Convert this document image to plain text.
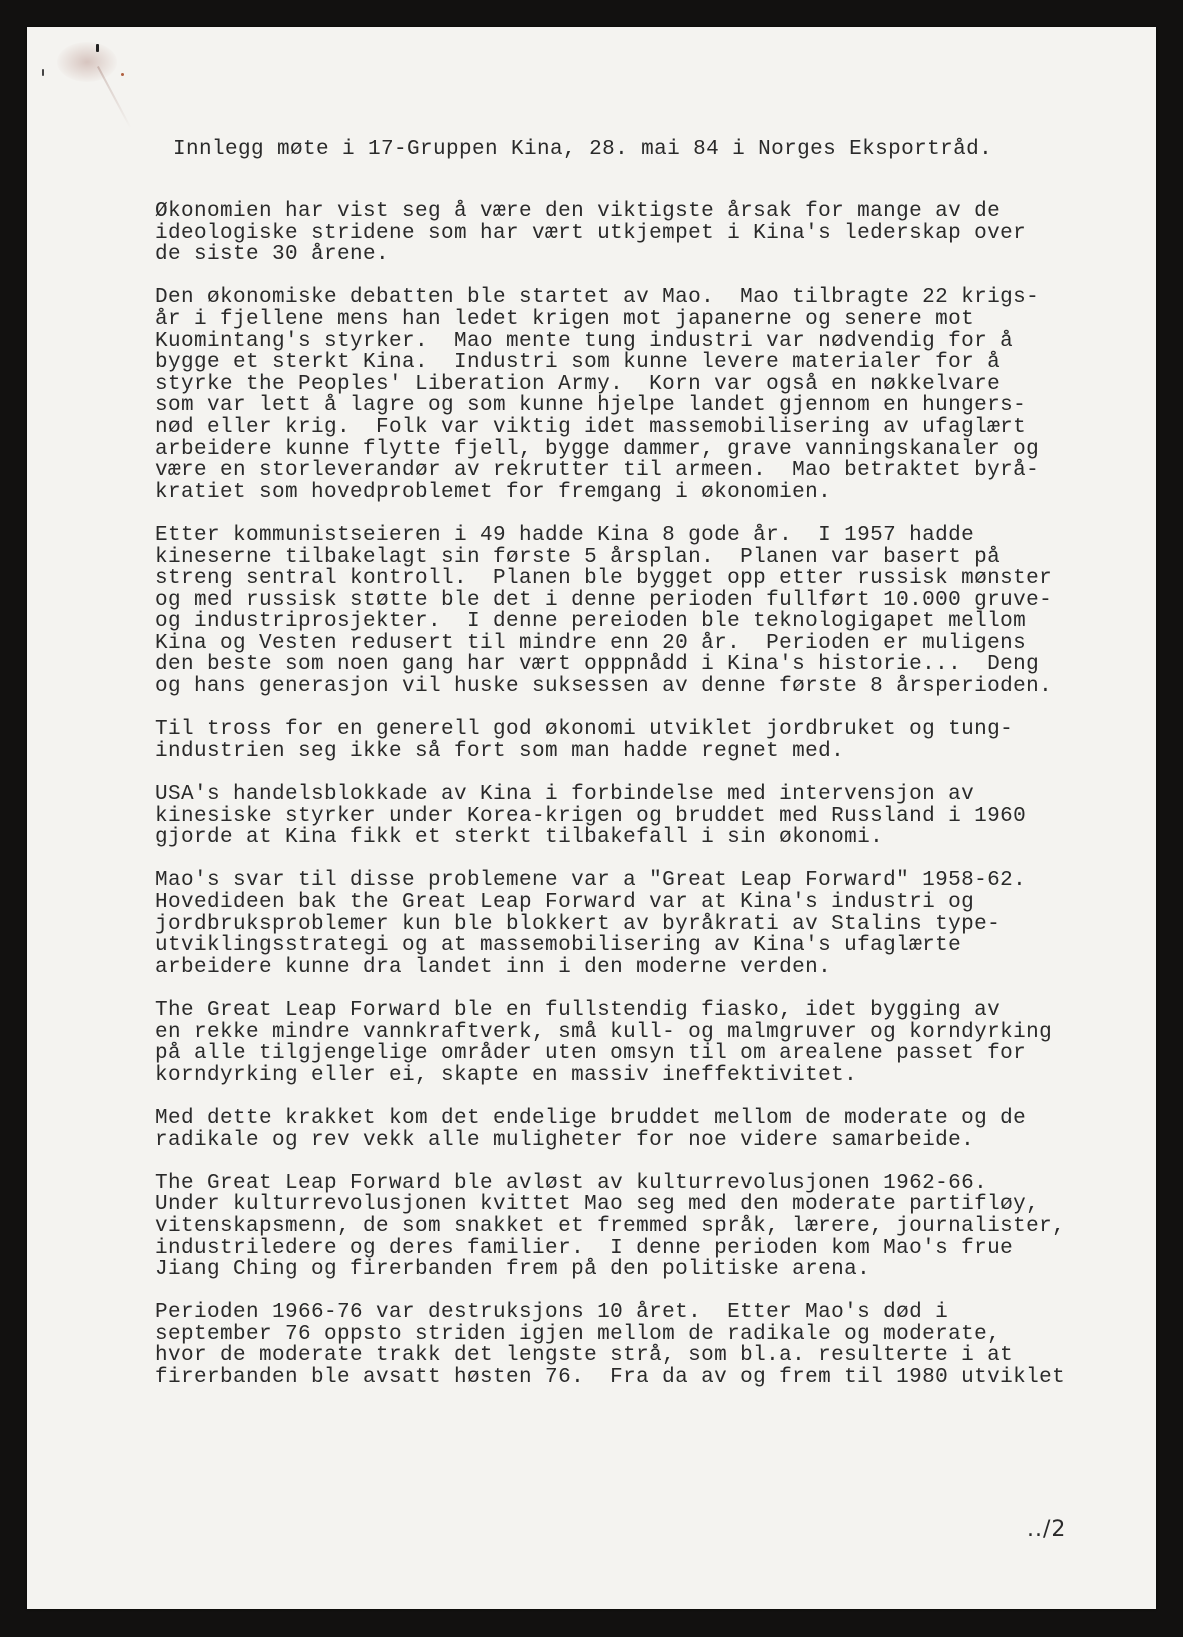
Innlegg møte i 17-Gruppen Kina, 28. mai 84 i Norges Eksportråd.
Økonomien har vist seg å være den viktigste årsak for mange av de
ideologiske stridene som har vært utkjempet i Kina's lederskap over
de siste 30 årene.
Den økonomiske debatten ble startet av Mao.  Mao tilbragte 22 krigs-
år i fjellene mens han ledet krigen mot japanerne og senere mot
Kuomintang's styrker.  Mao mente tung industri var nødvendig for å
bygge et sterkt Kina.  Industri som kunne levere materialer for å
styrke the Peoples' Liberation Army.  Korn var også en nøkkelvare
som var lett å lagre og som kunne hjelpe landet gjennom en hungers-
nød eller krig.  Folk var viktig idet massemobilisering av ufaglært
arbeidere kunne flytte fjell, bygge dammer, grave vanningskanaler og
være en storleverandør av rekrutter til armeen.  Mao betraktet byrå-
kratiet som hovedproblemet for fremgang i økonomien.
Etter kommunistseieren i 49 hadde Kina 8 gode år.  I 1957 hadde
kineserne tilbakelagt sin første 5 årsplan.  Planen var basert på
streng sentral kontroll.  Planen ble bygget opp etter russisk mønster
og med russisk støtte ble det i denne perioden fullført 10.000 gruve-
og industriprosjekter.  I denne pereioden ble teknologigapet mellom
Kina og Vesten redusert til mindre enn 20 år.  Perioden er muligens
den beste som noen gang har vært opppnådd i Kina's historie...  Deng
og hans generasjon vil huske suksessen av denne første 8 årsperioden.
Til tross for en generell god økonomi utviklet jordbruket og tung-
industrien seg ikke så fort som man hadde regnet med.
USA's handelsblokkade av Kina i forbindelse med intervensjon av
kinesiske styrker under Korea-krigen og bruddet med Russland i 1960
gjorde at Kina fikk et sterkt tilbakefall i sin økonomi.
Mao's svar til disse problemene var a "Great Leap Forward" 1958-62.
Hovedideen bak the Great Leap Forward var at Kina's industri og
jordbruksproblemer kun ble blokkert av byråkrati av Stalins type-
utviklingsstrategi og at massemobilisering av Kina's ufaglærte
arbeidere kunne dra landet inn i den moderne verden.
The Great Leap Forward ble en fullstendig fiasko, idet bygging av
en rekke mindre vannkraftverk, små kull- og malmgruver og korndyrking
på alle tilgjengelige områder uten omsyn til om arealene passet for
korndyrking eller ei, skapte en massiv ineffektivitet.
Med dette krakket kom det endelige bruddet mellom de moderate og de
radikale og rev vekk alle muligheter for noe videre samarbeide.
The Great Leap Forward ble avløst av kulturrevolusjonen 1962-66.
Under kulturrevolusjonen kvittet Mao seg med den moderate partifløy,
vitenskapsmenn, de som snakket et fremmed språk, lærere, journalister,
industriledere og deres familier.  I denne perioden kom Mao's frue
Jiang Ching og firerbanden frem på den politiske arena.
Perioden 1966-76 var destruksjons 10 året.  Etter Mao's død i
september 76 oppsto striden igjen mellom de radikale og moderate,
hvor de moderate trakk det lengste strå, som bl.a. resulterte i at
firerbanden ble avsatt høsten 76.  Fra da av og frem til 1980 utviklet
../2
